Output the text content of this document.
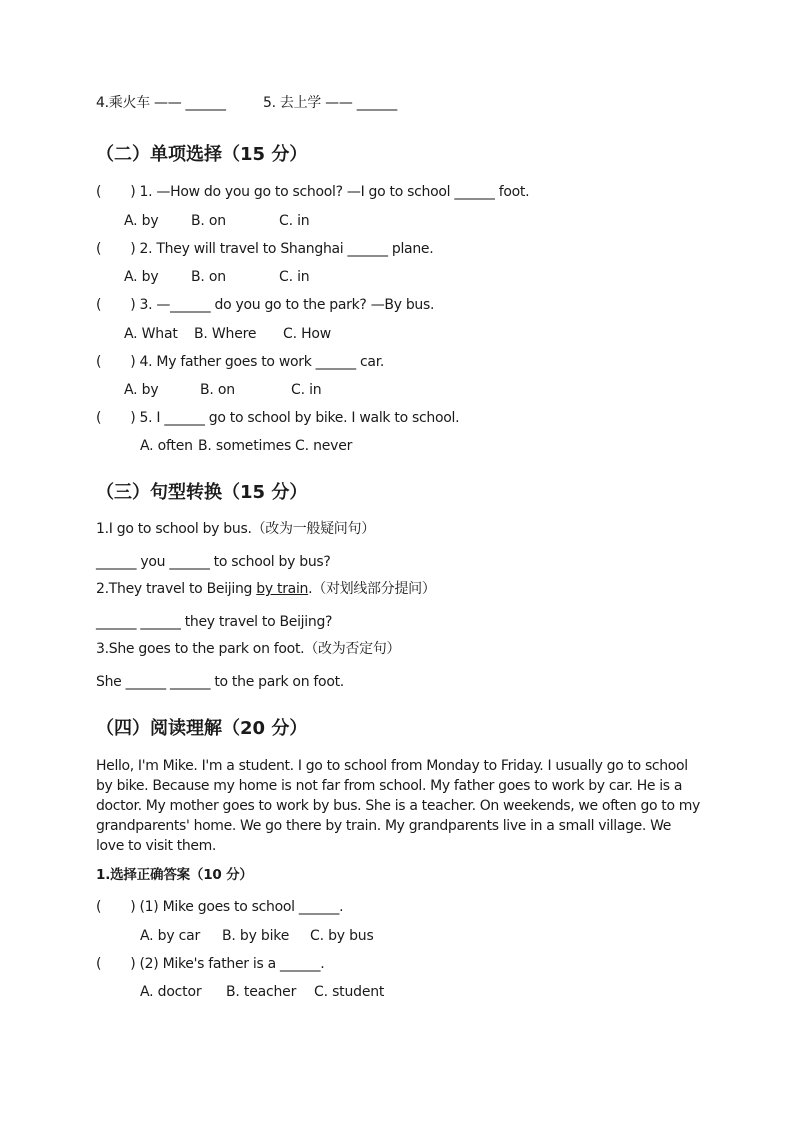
4.乘火车 —— ______	5. 去上学 —— ______
（二）单项选择（15 分）
(       ) 1. —How do you go to school? —I go to school ______ foot.
A. by B. on	C. in
(       ) 2. They will travel to Shanghai ______ plane.
A. by B. on	C. in
(       ) 3. —______ do you go to the park? —By bus.
A. What B. Where C. How
(       ) 4. My father goes to work ______ car.
A. by	B. on	C. in
(       ) 5. I ______ go to school by bike. I walk to school.
A. often B. sometimes C. never
（三）句型转换（15 分）
1.I go to school by bus.（改为一般疑问句）
______ you ______ to school by bus?
2.They travel to Beijing by train.（对划线部分提问）
______ ______ they travel to Beijing?
3.She goes to the park on foot.（改为否定句）
She ______ ______ to the park on foot.
（四）阅读理解（20 分）
Hello, I'm Mike. I'm a student. I go to school from Monday to Friday. I usually go to school by bike. Because my home is not far from school. My father goes to work by car. He is a doctor. My mother goes to work by bus. She is a teacher. On weekends, we often go to my grandparents' home. We go there by train. My grandparents live in a small village. We love to visit them.
1.选择正确答案（10 分）
(       ) (1) Mike goes to school ______.
A. by car B. by bike C. by bus
(       ) (2) Mike's father is a ______.
A. doctor B. teacher C. student
